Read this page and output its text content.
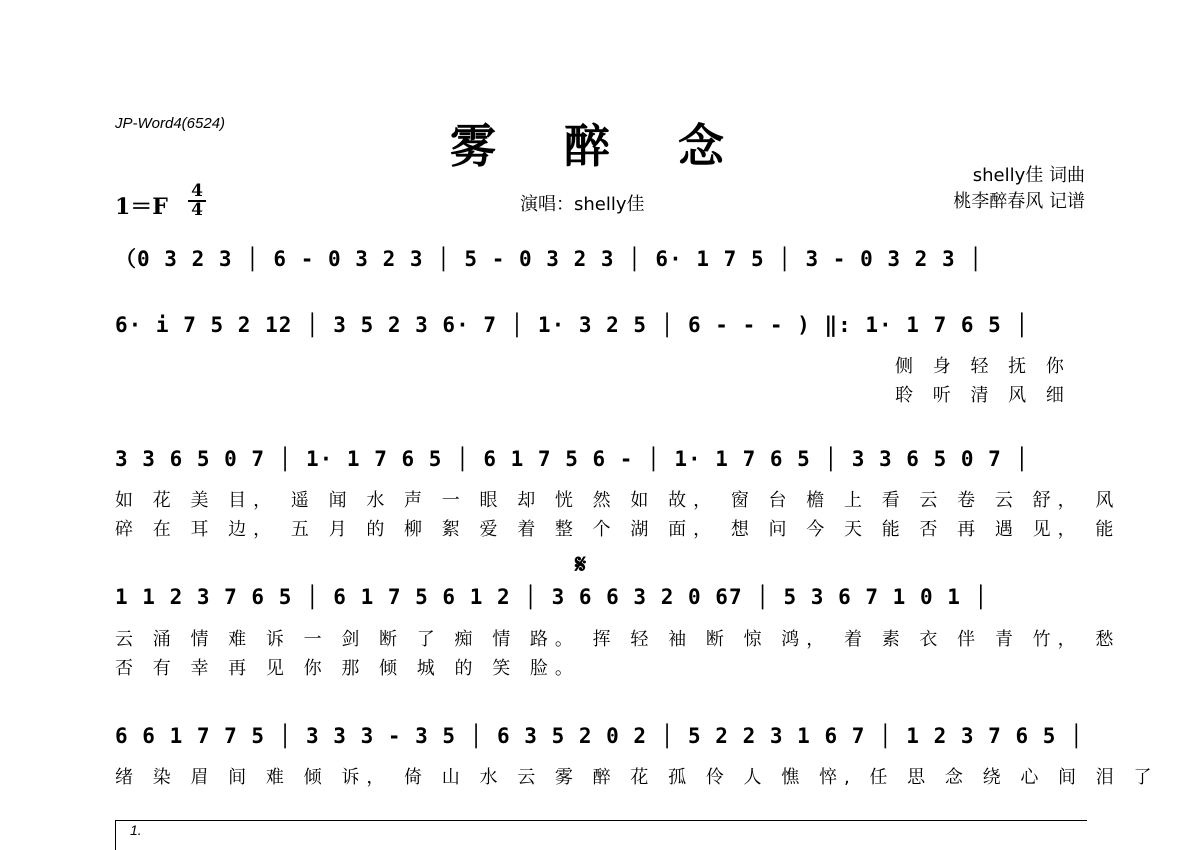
JP-Word4(6524)	雾 醉 念
shelly佳 词曲
桃李醉春风 记谱
演唱：shelly佳
1＝F
4
4
（0 3 2 3 │ 6 - 0 3 2 3 │ 5 - 0 3 2 3 │ 6· 1 7 5 │ 3 - 0 3 2 3 │
6· i 7 5 2 12 │ 3 5 2 3 6· 7 │ 1· 3 2 5 │ 6 - - - ) ‖: 1· 1 7 6 5 │
侧 身 轻 抚 你
聆 听 清 风 细
3 3 6 5 0 7 │ 1· 1 7 6 5 │ 6 1 7 5 6 - │ 1· 1 7 6 5 │ 3 3 6 5 0 7 │
如 花 美 目， 遥 闻 水 声 一 眼 却 恍 然 如 故， 窗 台 檐 上 看 云 卷 云 舒， 风
碎 在 耳 边， 五 月 的 柳 絮 爱 着 整 个 湖 面， 想 问 今 天 能 否 再 遇 见， 能
𝄋
1 1 2 3 7 6 5 │ 6 1 7 5 6 1 2 │ 3 6 6 3 2 0 67 │ 5 3 6 7 1 0 1 │
云 涌 情 难 诉 一 剑 断 了 痴 情 路。 挥 轻 袖 断 惊 鸿， 着 素 衣 伴 青 竹， 愁
否 有 幸 再 见 你 那 倾 城 的 笑 脸。
6 6 1 7 7 5 │ 3 3 3 - 3 5 │ 6 3 5 2 0 2 │ 5 2 2 3 1 6 7 │ 1 2 3 7 6 5 │
绪 染 眉 间 难 倾 诉， 倚 山 水 云 雾 醉 花 孤 伶 人 憔 悴, 任 思 念 绕 心 间 泪 了
1.
